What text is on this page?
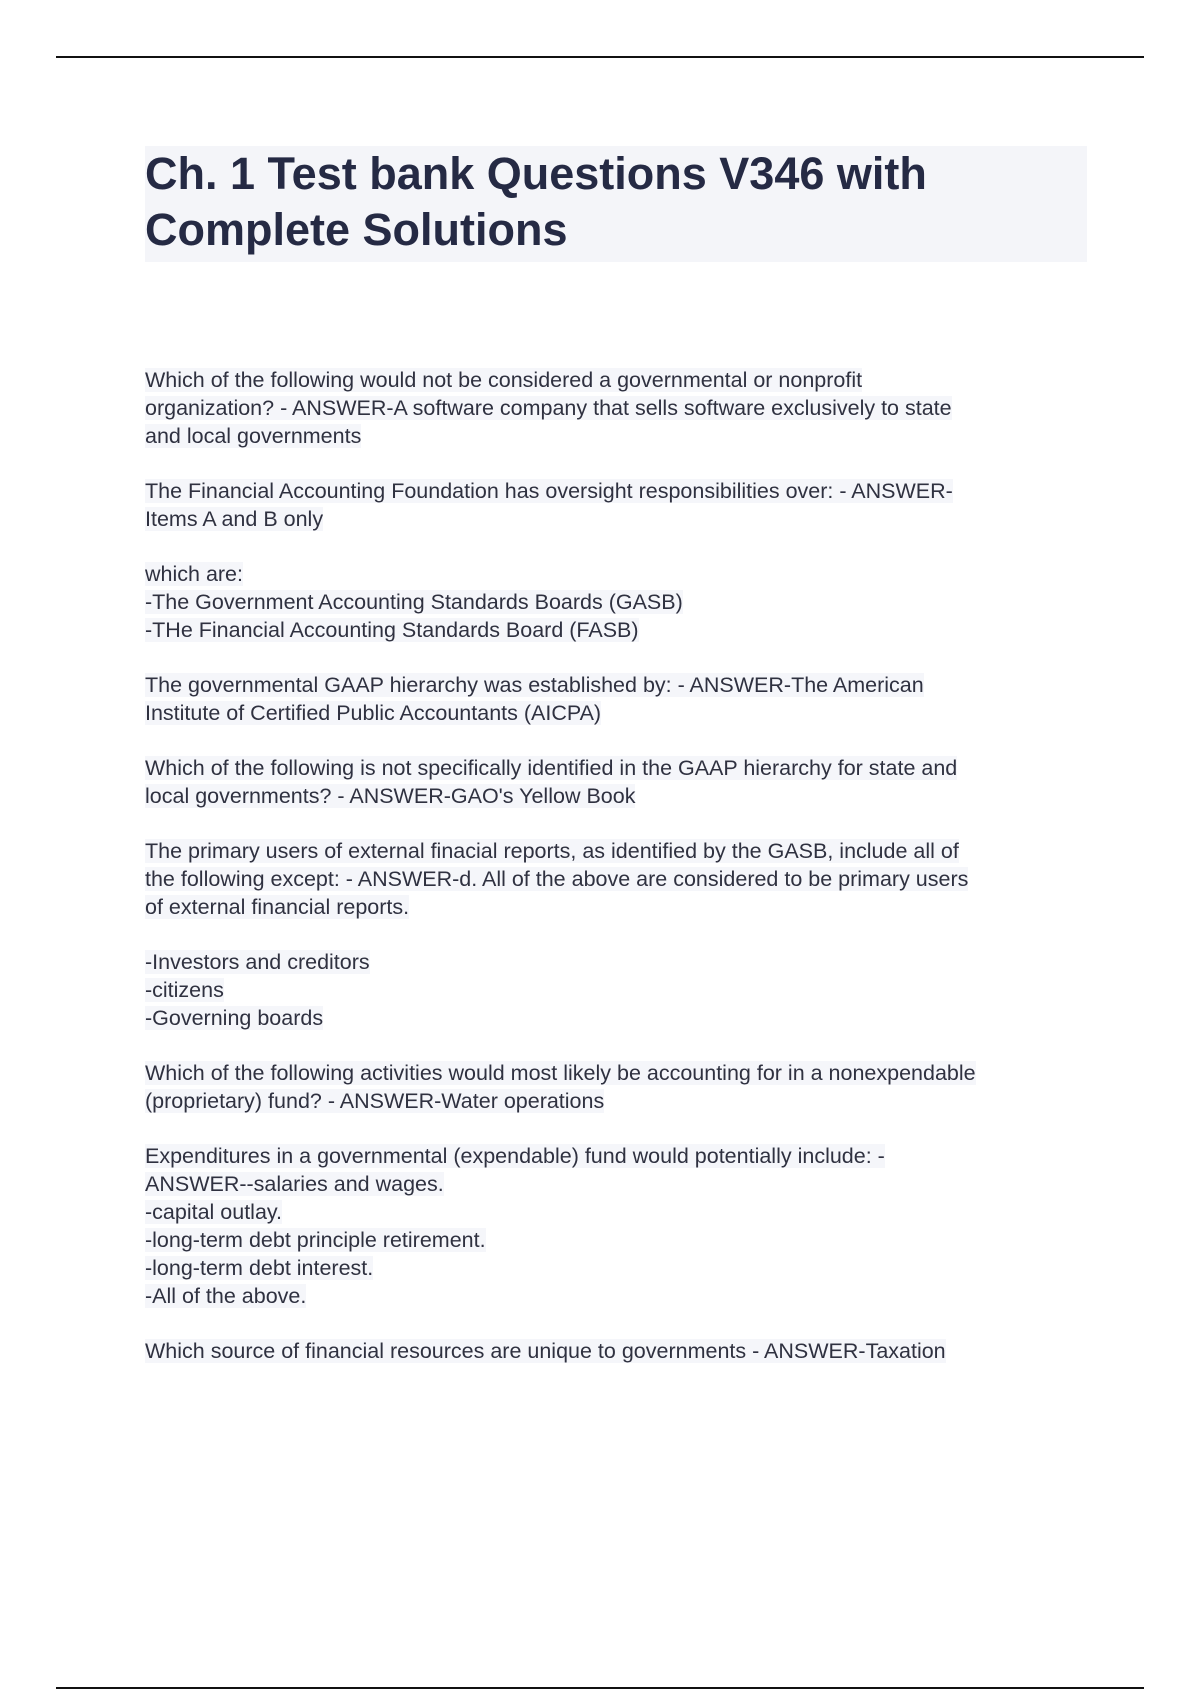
Ch. 1 Test bank Questions V346 with
Complete Solutions
Which of the following would not be considered a governmental or nonprofit
organization? - ANSWER-A software company that sells software exclusively to state
and local governments
The Financial Accounting Foundation has oversight responsibilities over: - ANSWER-
Items A and B only
which are:
-The Government Accounting Standards Boards (GASB)
-THe Financial Accounting Standards Board (FASB)
The governmental GAAP hierarchy was established by: - ANSWER-The American
Institute of Certified Public Accountants (AICPA)
Which of the following is not specifically identified in the GAAP hierarchy for state and
local governments? - ANSWER-GAO's Yellow Book
The primary users of external finacial reports, as identified by the GASB, include all of
the following except: - ANSWER-d. All of the above are considered to be primary users
of external financial reports.
-Investors and creditors
-citizens
-Governing boards
Which of the following activities would most likely be accounting for in a nonexpendable
(proprietary) fund? - ANSWER-Water operations
Expenditures in a governmental (expendable) fund would potentially include: -
ANSWER--salaries and wages.
-capital outlay.
-long-term debt principle retirement.
-long-term debt interest.
-All of the above.
Which source of financial resources are unique to governments - ANSWER-Taxation
